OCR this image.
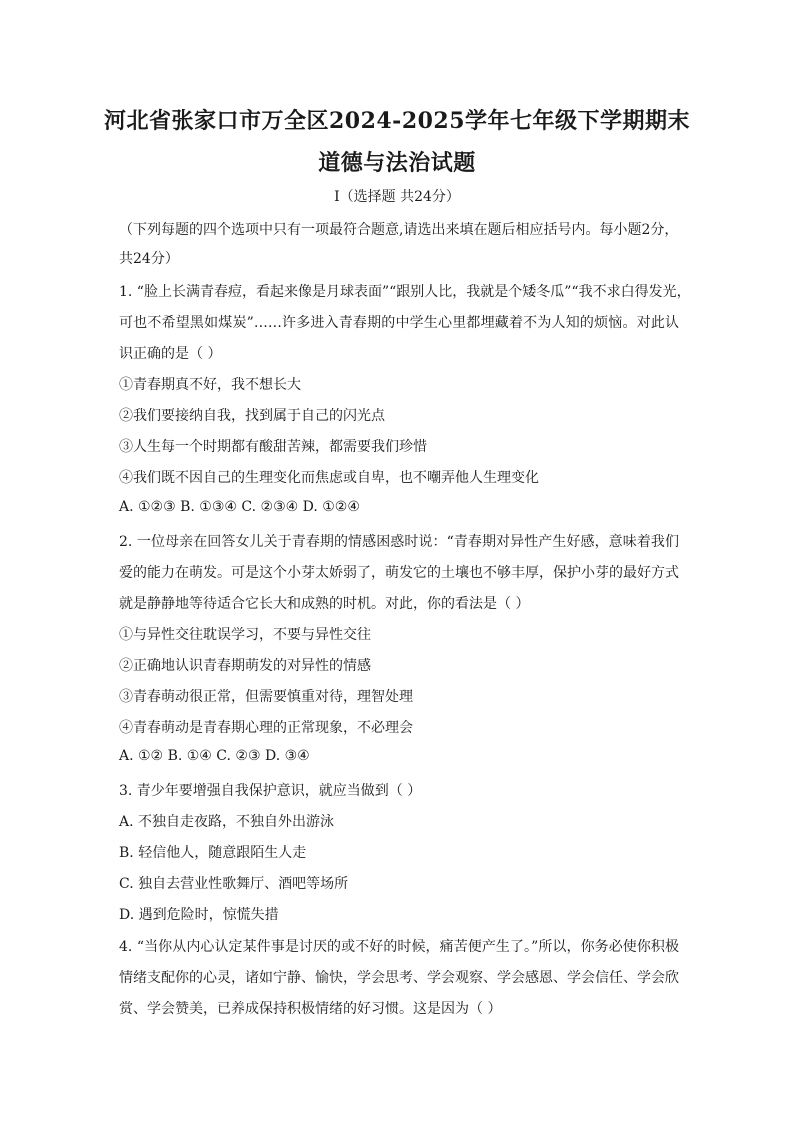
河北省张家口市万全区2024-2025学年七年级下学期期末
道德与法治试题
I（选择题 共24分）
（下列每题的四个选项中只有一项最符合题意,请选出来填在题后相应括号内。每小题2分，
共24分）
1. “脸上长满青春痘，看起来像是月球表面”“跟别人比，我就是个矮冬瓜”“我不求白得发光，
可也不希望黑如煤炭”……许多进入青春期的中学生心里都埋藏着不为人知的烦恼。对此认
识正确的是（ ）
①青春期真不好，我不想长大
②我们要接纳自我，找到属于自己的闪光点
③人生每一个时期都有酸甜苦辣，都需要我们珍惜
④我们既不因自己的生理变化而焦虑或自卑，也不嘲弄他人生理变化
A. ①②③ B. ①③④ C. ②③④ D. ①②④
2. 一位母亲在回答女儿关于青春期的情感困惑时说：“青春期对异性产生好感，意味着我们
爱的能力在萌发。可是这个小芽太娇弱了，萌发它的土壤也不够丰厚，保护小芽的最好方式
就是静静地等待适合它长大和成熟的时机。对此，你的看法是（ ）
①与异性交往耽误学习，不要与异性交往
②正确地认识青春期萌发的对异性的情感
③青春萌动很正常，但需要慎重对待，理智处理
④青春萌动是青春期心理的正常现象，不必理会
A. ①② B. ①④ C. ②③ D. ③④
3. 青少年要增强自我保护意识，就应当做到（ ）
A. 不独自走夜路，不独自外出游泳
B. 轻信他人，随意跟陌生人走
C. 独自去营业性歌舞厅、酒吧等场所
D. 遇到危险时，惊慌失措
4. “当你从内心认定某件事是讨厌的或不好的时候，痛苦便产生了。”所以，你务必使你积极
情绪支配你的心灵，诸如宁静、愉快，学会思考、学会观察、学会感恩、学会信任、学会欣
赏、学会赞美，已养成保持积极情绪的好习惯。这是因为（ ）
